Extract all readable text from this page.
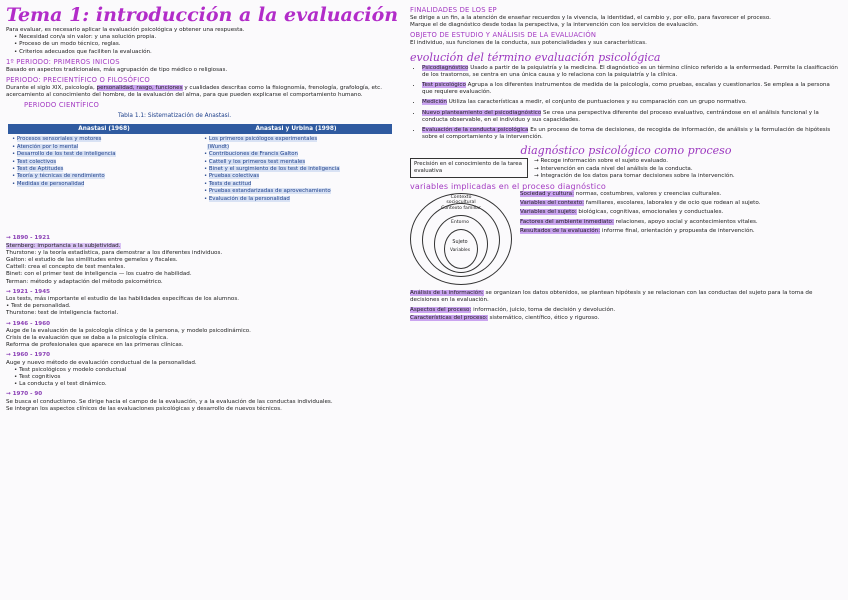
Tema 1: introducción a la evaluación

Para evaluar, es necesario aplicar la evaluación psicológica y obtener una respuesta.

• Necesidad con/a sin valor: y una solución propia.

• Proceso de un modo técnico, reglas.

• Criterios adecuados que faciliten la evaluación.

1º PERIODO: PRIMEROS INICIOS

Basado en aspectos tradicionales, más agrupación de tipo médico o religiosas.

PERIODO: PRECIENTÍFICO O FILOSÓFICO

Durante el siglo XIX, psicología, personalidad, rasgo, funciones y cualidades descritas como la fisiognomía, frenología, grafología, etc. acercamiento al conocimiento del hombre, de la evaluación del alma, para que pueden explicarse el comportamiento humano.

PERIODO CIENTÍFICO

Tabla 1.1: Sistematización de Anastasi.
Anastasi (1968)	Anastasi y Urbina (1998)
• Procesos sensoriales y motores
• Atención por lo mental
• Desarrollo de los test de inteligencia
• Test colectivos
• Test de Aptitudes
• Teoría y técnicas de rendimiento
• Medidas de personalidad
• Los primeros psicólogos experimentales
(Wundt)
• Contribuciones de Francis Galton
• Cattell y los primeros test mentales
• Binet y el surgimiento de los test de inteligencia
• Pruebas colectivas
• Tests de actitud
• Pruebas estandarizadas de aprovechamiento
• Evaluación de la personalidad

→ 1890 - 1921

Sternberg: importancia a la subjetividad.

Thurstone: y la teoría estadística, para demostrar a los diferentes individuos.

Galton: el estudio de las similitudes entre gemelos y fiscales.

Cattell: crea el concepto de test mentales.

Binet: con el primer test de inteligencia — los cuatro de habilidad.

Terman: método y adaptación del método psicométrico.

→ 1921 - 1945

Los tests, más importante el estudio de las habilidades específicas de los alumnos.

• Test de personalidad.

Thurstone: test de inteligencia factorial.

→ 1946 - 1960

Auge de la evaluación de la psicología clínica y de la persona, y modelo psicodinámico.

Crisis de la evaluación que se daba a la psicología clínica.

Reforma de profesionales que aparece en las primeras clínicas.

→ 1960 - 1970

Auge y nuevo método de evaluación conductual de la personalidad.

• Test psicológicos y modelo conductual

• Test cognitivos

• La conducta y el test dinámico.

→ 1970 - 90

Se busca el conductismo. Se dirige hacia el campo de la evaluación, y a la evaluación de las conductas individuales.

Se integran los aspectos clínicos de las evaluaciones psicológicas y desarrollo de nuevos técnicos.

FINALIDADES DE LOS EP

Se dirige a un fin, a la atención de enseñar recuerdos y la vivencia, la identidad, el cambio y, por ello, para favorecer el proceso.

Marque el de diagnóstico desde todas la perspectiva, y la intervención con los servicios de evaluación.

OBJETO DE ESTUDIO Y ANÁLISIS DE LA EVALUACIÓN

El individuo, sus funciones de la conducta, sus potencialidades y sus características.

evolución del término evaluación psicológica

• Psicodiagnóstico Usado a partir de la psiquiatría y la medicina. El diagnóstico es un término clínico referido a la enfermedad. Permite la clasificación de los trastornos, se centra en una única causa y lo relaciona con la psiquiatría y la clínica.
• Test psicológico Agrupa a los diferentes instrumentos de medida de la psicología, como pruebas, escalas y cuestionarios. Se emplea a la persona que requiere evaluación.
• Medición Utiliza las características a medir, el conjunto de puntuaciones y su comparación con un grupo normativo.
• Nuevo planteamiento del psicodiagnóstico Se crea una perspectiva diferente del proceso evaluativo, centrándose en el análisis funcional y la conducta observable, en el individuo y sus capacidades.
• Evaluación de la conducta psicológica Es un proceso de toma de decisiones, de recogida de información, de análisis y la formulación de hipótesis sobre el comportamiento y la intervención.

diagnóstico psicológico como proceso

Precisión en el conocimiento de la tarea evaluativa

→ Recoge información sobre el sujeto evaluado.

→ Intervención en cada nivel del análisis de la conducta.

→ Integración de los datos para tomar decisiones sobre la intervención.

variables implicadas en el proceso diagnóstico

Contexto sociocultural
Contexto familiar
Entorno
Sujeto
Variables

Sociedad y cultura: normas, costumbres, valores y creencias culturales.

Variables del contexto: familiares, escolares, laborales y de ocio que rodean al sujeto.

Variables del sujeto: biológicas, cognitivas, emocionales y conductuales.

Factores del ambiente inmediato: relaciones, apoyo social y acontecimientos vitales.

Resultados de la evaluación: informe final, orientación y propuesta de intervención.

Análisis de la información: se organizan los datos obtenidos, se plantean hipótesis y se relacionan con las conductas del sujeto para la toma de decisiones en la evaluación.

Aspectos del proceso: información, juicio, toma de decisión y devolución.

Características del proceso: sistemático, científico, ético y riguroso.
